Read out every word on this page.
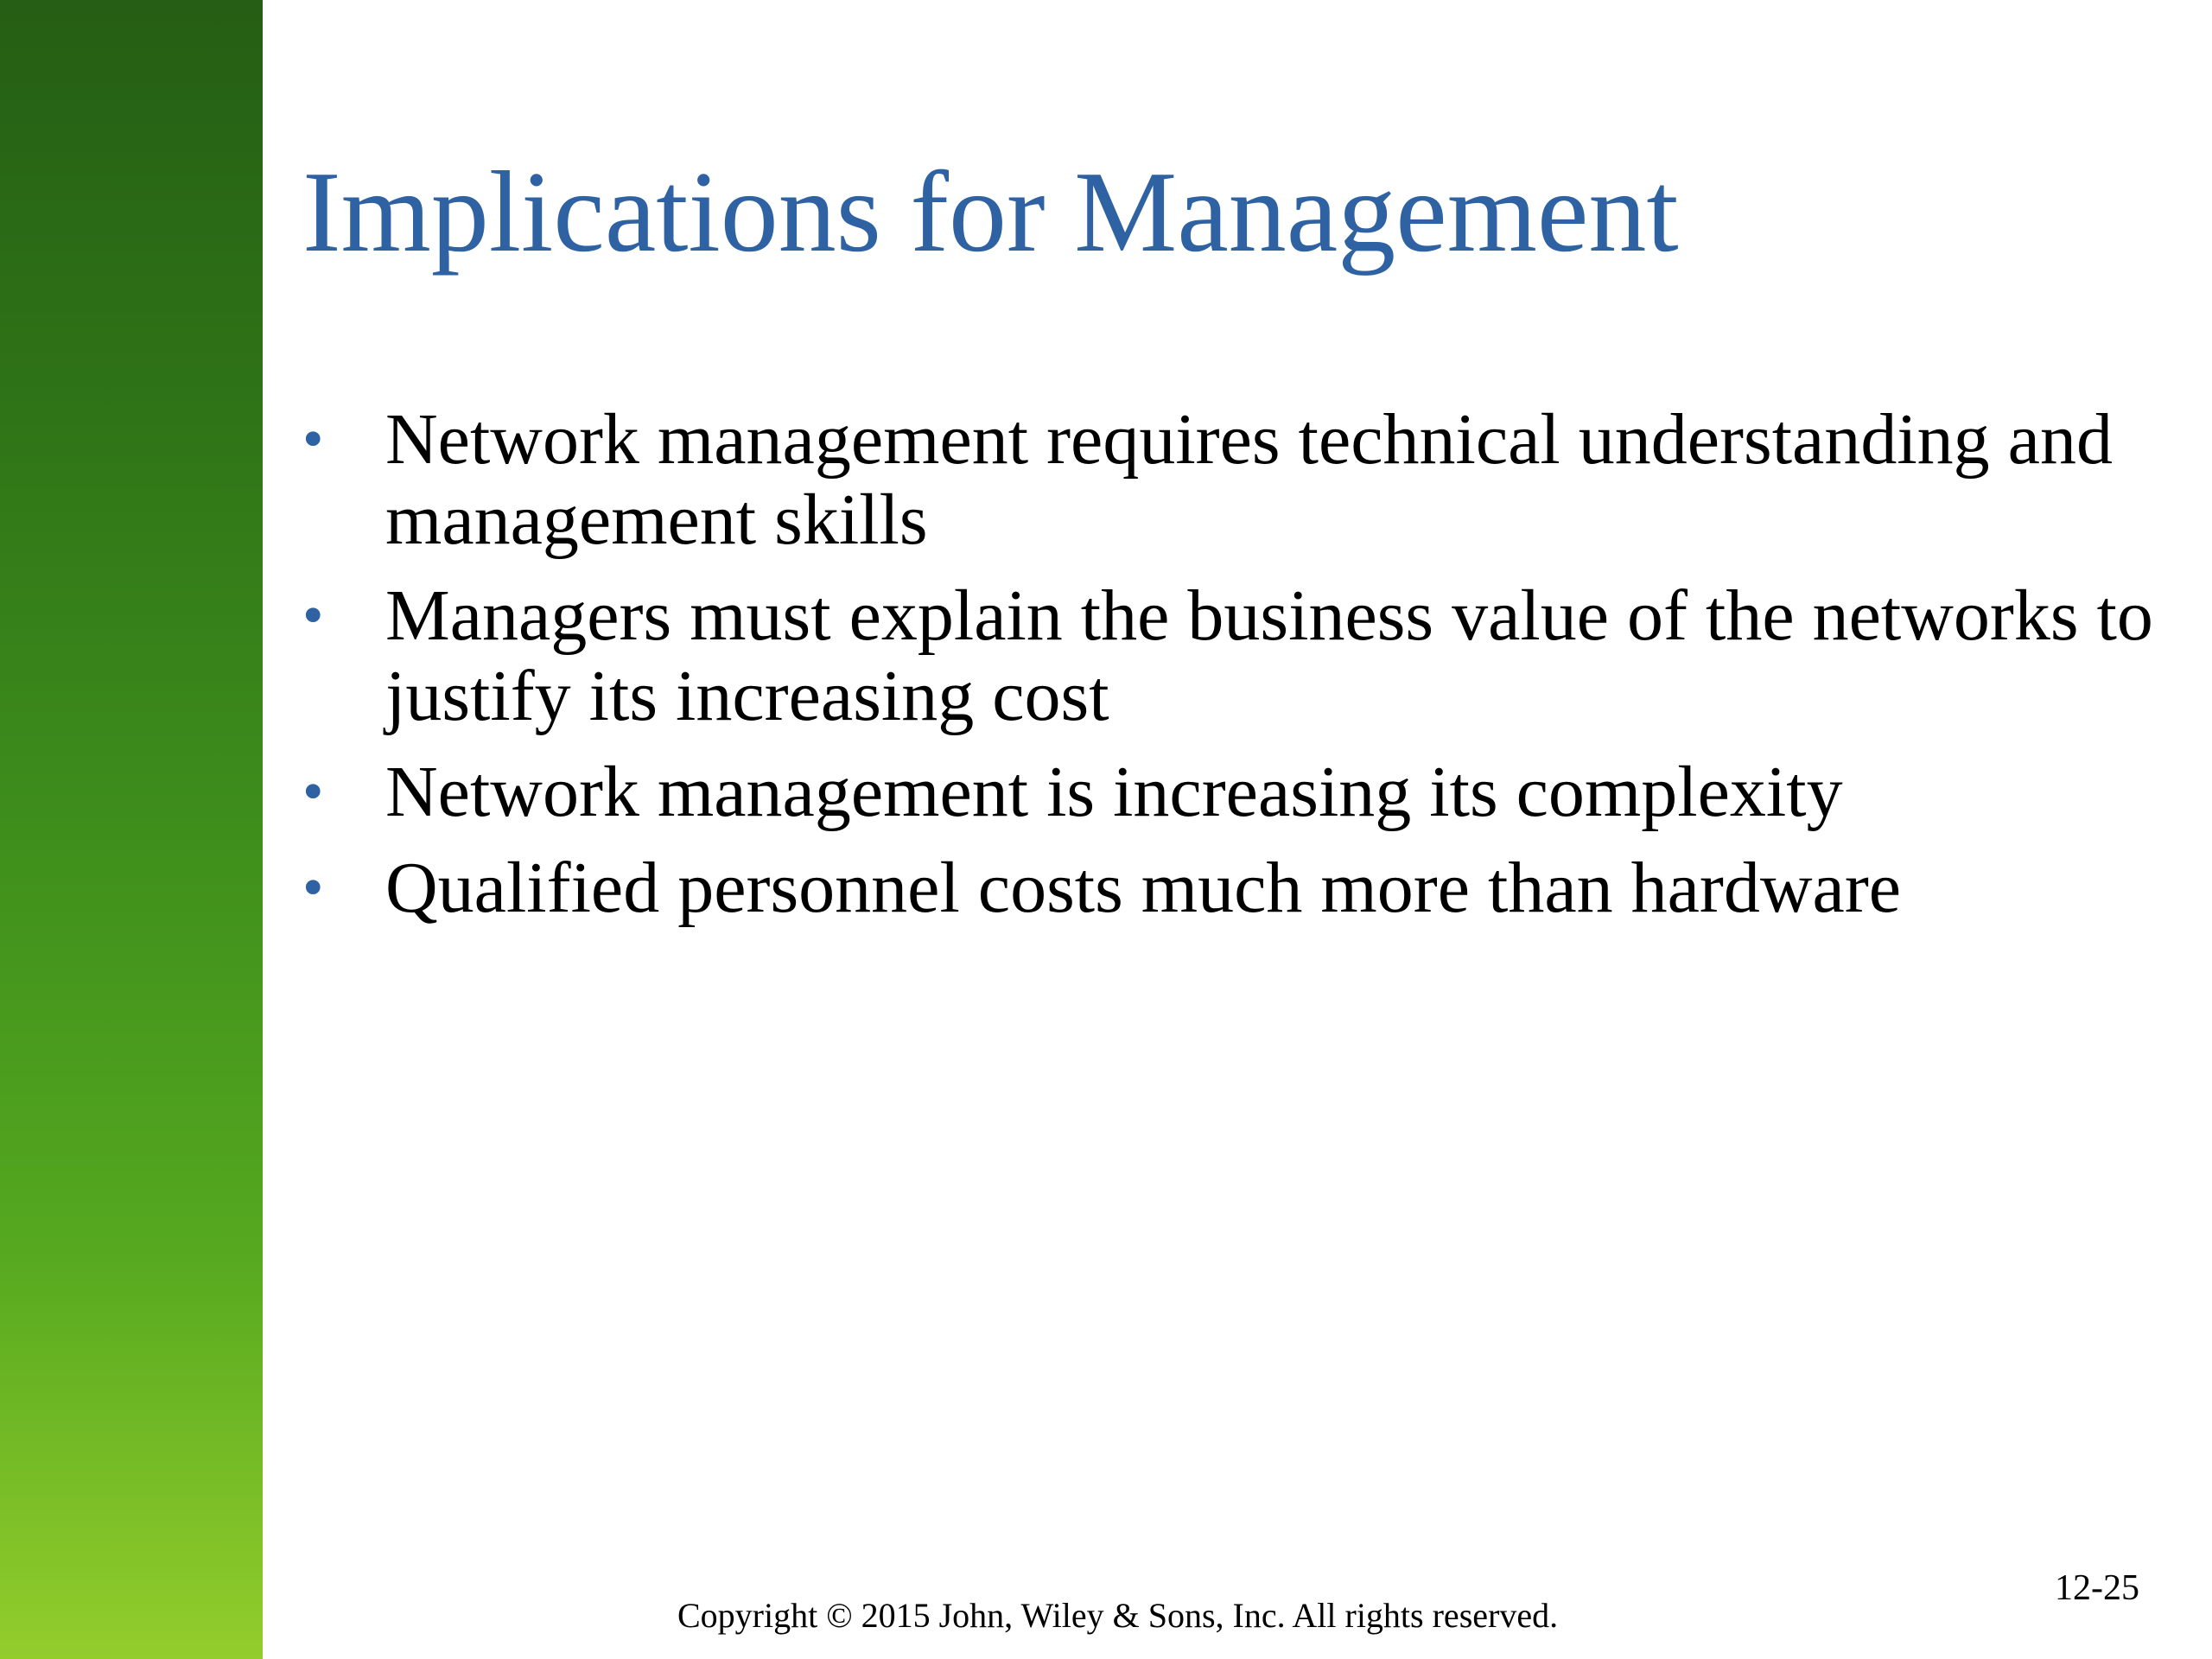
Implications for Management
• Network management requires technical understanding and management skills
• Managers must explain the business value of the networks to justify its increasing cost
• Network management is increasing its complexity
• Qualified personnel costs much more than hardware
12-25
Copyright © 2015 John, Wiley & Sons, Inc. All rights reserved.
